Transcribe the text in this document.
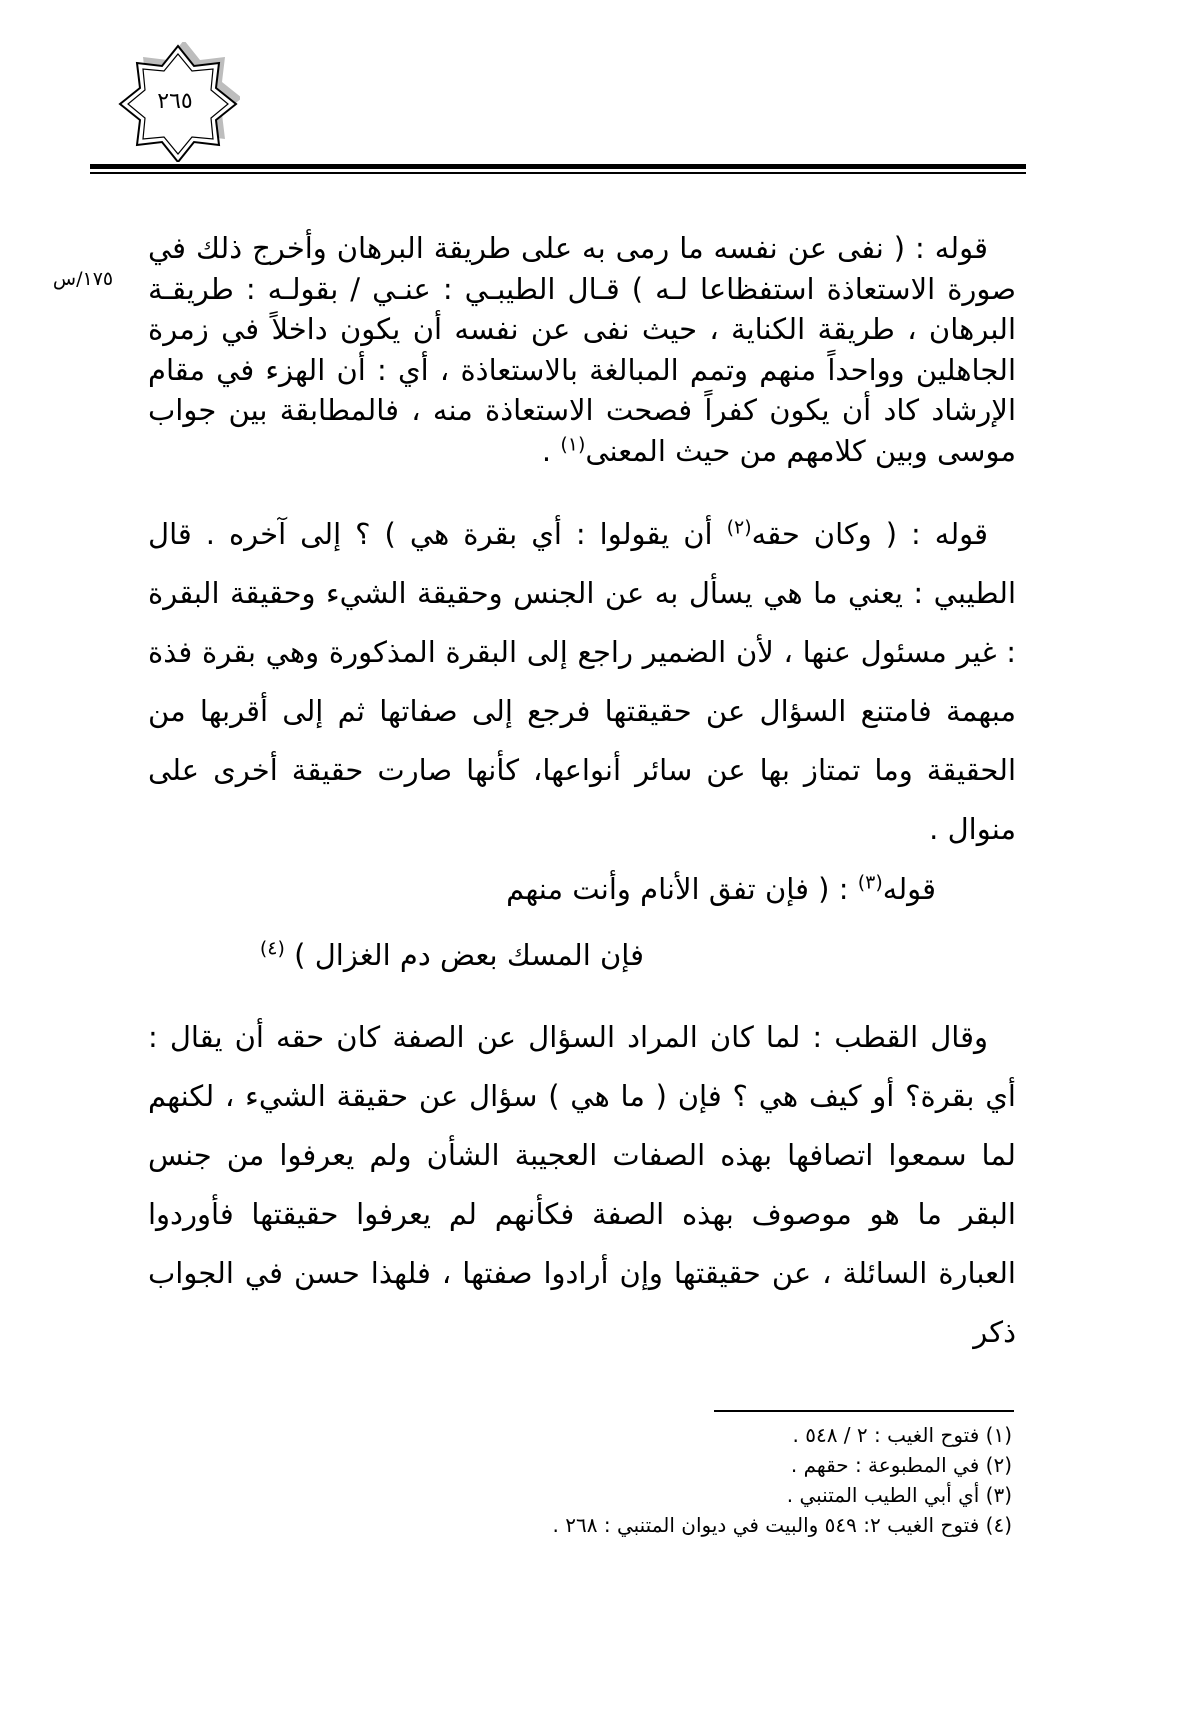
٢٦٥
١٧٥/س

قوله : ( نفى عن نفسه ما رمى به على طريقة البرهان وأخرج ذلك في صورة الاستعاذة استفظاعا لـه ) قـال الطيبـي : عنـي / بقولـه : طريقـة البرهان ، طريقة الكناية ، حيث نفى عن نفسه أن يكون داخلاً في زمرة الجاهلين وواحداً منهم وتمم المبالغة بالاستعاذة ، أي : أن الهزء في مقام الإرشاد كاد أن يكون كفراً فصحت الاستعاذة منه ، فالمطابقة بين جواب موسى وبين كلامهم من حيث المعنى$^{(١)}$ .

قوله : ( وكان حقه$^{(٢)}$ أن يقولوا : أي بقرة هي ) ؟ إلى آخره . قال الطيبي : يعني ما هي يسأل به عن الجنس وحقيقة الشيء وحقيقة البقرة : غير مسئول عنها ، لأن الضمير راجع إلى البقرة المذكورة وهي بقرة فذة مبهمة فامتنع السؤال عن حقيقتها فرجع إلى صفاتها ثم إلى أقربها من الحقيقة وما تمتاز بها عن سائر أنواعها، كأنها صارت حقيقة أخرى على منوال .

قوله$^{(٣)}$ : ( فإن تفق الأنام وأنت منهم
فإن المسك بعض دم الغزال ) $^{(٤)}$

وقال القطب : لما كان المراد السؤال عن الصفة كان حقه أن يقال : أي بقرة؟ أو كيف هي ؟ فإن ( ما هي ) سؤال عن حقيقة الشيء ، لكنهم لما سمعوا اتصافها بهذه الصفات العجيبة الشأن ولم يعرفوا من جنس البقر ما هو موصوف بهذه الصفة فكأنهم لم يعرفوا حقيقتها فأوردوا العبارة السائلة ، عن حقيقتها وإن أرادوا صفتها ، فلهذا حسن في الجواب ذكر

(١) فتوح الغيب : ٢ / ٥٤٨ .
(٢) في المطبوعة : حقهم .
(٣) أي أبي الطيب المتنبي .
(٤) فتوح الغيب ٢: ٥٤٩ والبيت في ديوان المتنبي : ٢٦٨ .
